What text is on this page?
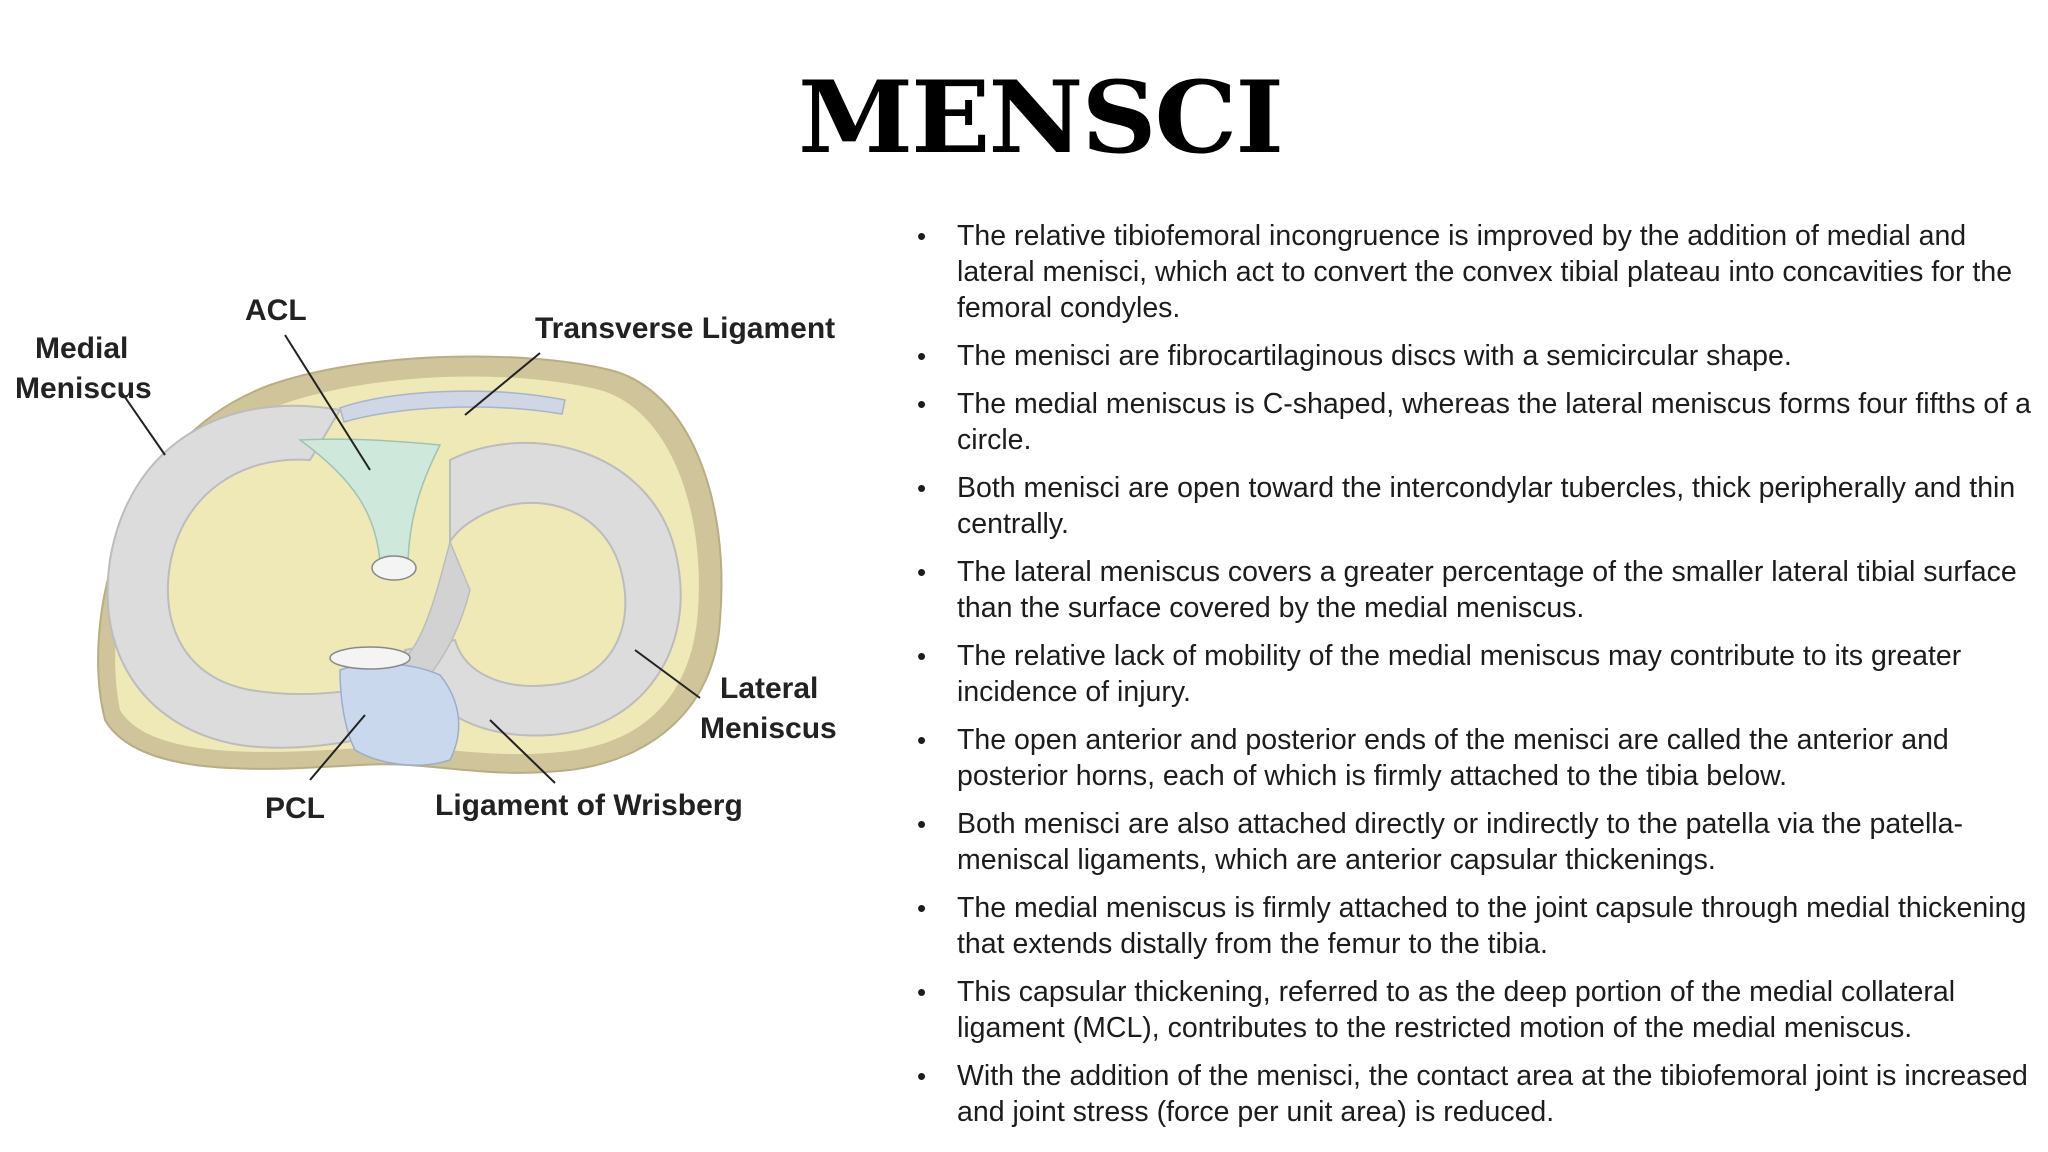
MENSCI
Medial
Meniscus
ACL
Transverse Ligament
Lateral
Meniscus
PCL	Ligament of Wrisberg
• The relative tibiofemoral incongruence is improved by the addition of medial and lateral menisci, which act to convert the convex tibial plateau into concavities for the femoral condyles.
• The menisci are fibrocartilaginous discs with a semicircular shape.
• The medial meniscus is C-shaped, whereas the lateral meniscus forms four fifths of a circle.
• Both menisci are open toward the intercondylar tubercles, thick peripherally and thin centrally.
• The lateral meniscus covers a greater percentage of the smaller lateral tibial surface than the surface covered by the medial meniscus.
• The relative lack of mobility of the medial meniscus may contribute to its greater incidence of injury.
• The open anterior and posterior ends of the menisci are called the anterior and posterior horns, each of which is firmly attached to the tibia below.
• Both menisci are also attached directly or indirectly to the patella via the patella-meniscal ligaments, which are anterior capsular thickenings.
• The medial meniscus is firmly attached to the joint capsule through medial thickening that extends distally from the femur to the tibia.
• This capsular thickening, referred to as the deep portion of the medial collateral ligament (MCL), contributes to the restricted motion of the medial meniscus.
• With the addition of the menisci, the contact area at the tibiofemoral joint is increased and joint stress (force per unit area) is reduced.
